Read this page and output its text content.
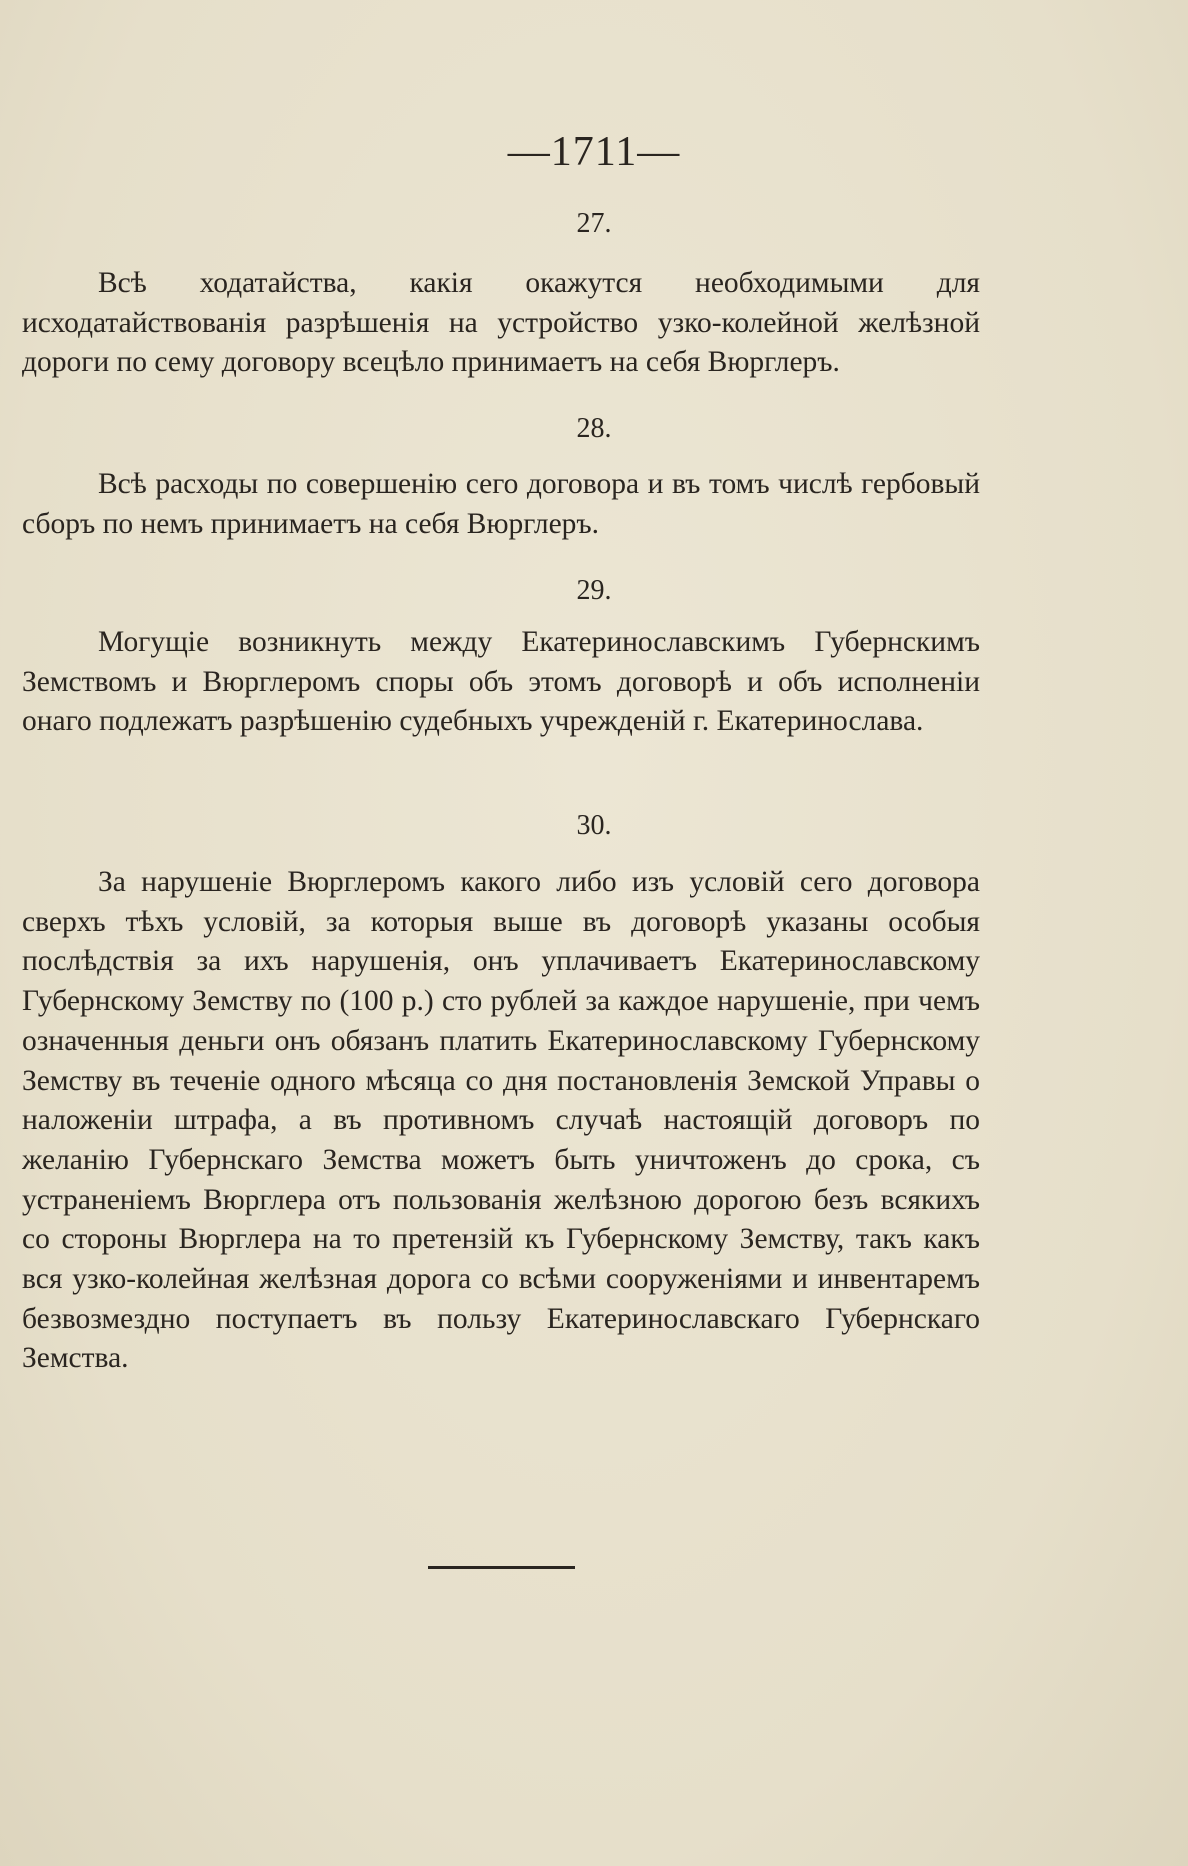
—1711—
27.
Всѣ ходатайства, какія окажутся необходимыми для исходатайствованія разрѣшенія на устройство узко-колейной желѣзной дороги по сему договору всецѣло принимаетъ на себя Вюрглеръ.
28.
Всѣ расходы по совершенію сего договора и въ томъ числѣ гербовый сборъ по немъ принимаетъ на себя Вюрглеръ.
29.
Могущіе возникнуть между Екатеринославскимъ Губернскимъ Земствомъ и Вюрглеромъ споры объ этомъ договорѣ и объ исполненіи онаго подлежатъ разрѣшенію судебныхъ учрежденій г. Екатеринослава.
30.
За нарушеніе Вюрглеромъ какого либо изъ условій сего договора сверхъ тѣхъ условій, за которыя выше въ договорѣ указаны особыя послѣдствія за ихъ нарушенія, онъ уплачиваетъ Екатеринославскому Губернскому Земству по (100 р.) сто рублей за каждое нарушеніе, при чемъ означенныя деньги онъ обязанъ платить Екатеринославскому Губернскому Земству въ теченіе одного мѣсяца со дня постановленія Земской Управы о наложеніи штрафа, а въ противномъ случаѣ настоящій договоръ по желанію Губернскаго Земства можетъ быть уничтоженъ до срока, съ устраненіемъ Вюрглера отъ пользованія желѣзною дорогою безъ всякихъ со стороны Вюрглера на то претензій къ Губернскому Земству, такъ какъ вся узко-колейная желѣзная дорога со всѣми сооруженіями и инвентаремъ безвозмездно поступаетъ въ пользу Екатеринославскаго Губернскаго Земства.
